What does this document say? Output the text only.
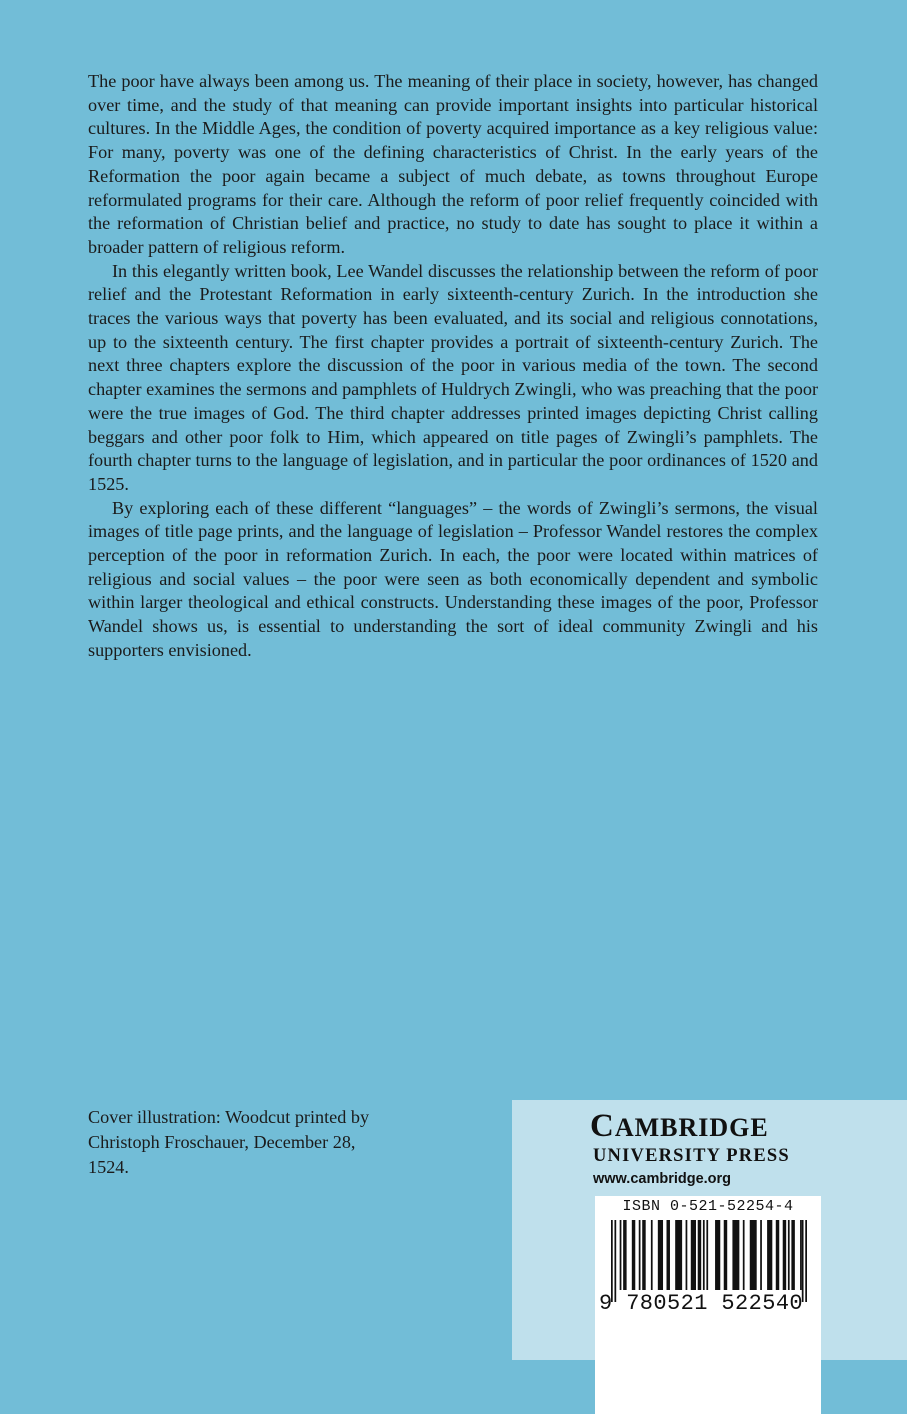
The poor have always been among us. The meaning of their place in society, however, has changed over time, and the study of that meaning can provide important insights into particular historical cultures. In the Middle Ages, the condition of poverty acquired importance as a key religious value: For many, poverty was one of the defining characteristics of Christ. In the early years of the Reformation the poor again became a subject of much debate, as towns throughout Europe reformulated programs for their care. Although the reform of poor relief frequently coincided with the reformation of Christian belief and practice, no study to date has sought to place it within a broader pattern of religious reform.

In this elegantly written book, Lee Wandel discusses the relationship between the reform of poor relief and the Protestant Reformation in early sixteenth-century Zurich. In the introduction she traces the various ways that poverty has been evaluated, and its social and religious connotations, up to the sixteenth century. The first chapter provides a portrait of sixteenth-century Zurich. The next three chapters explore the discussion of the poor in various media of the town. The second chapter examines the sermons and pamphlets of Huldrych Zwingli, who was preaching that the poor were the true images of God. The third chapter addresses printed images depicting Christ calling beggars and other poor folk to Him, which appeared on title pages of Zwingli’s pamphlets. The fourth chapter turns to the language of legislation, and in particular the poor ordinances of 1520 and 1525.

By exploring each of these different “languages” – the words of Zwingli’s sermons, the visual images of title page prints, and the language of legislation – Professor Wandel restores the complex perception of the poor in reformation Zurich. In each, the poor were located within matrices of religious and social values – the poor were seen as both economically dependent and symbolic within larger theological and ethical constructs. Understanding these images of the poor, Professor Wandel shows us, is essential to understanding the sort of ideal community Zwingli and his supporters envisioned.

Cover illustration: Woodcut printed by
Christoph Froschauer, December 28,
1524.
CAMBRIDGE
UNIVERSITY PRESS
www.cambridge.org
ISBN 0-521-52254-4
9 780521 522540
